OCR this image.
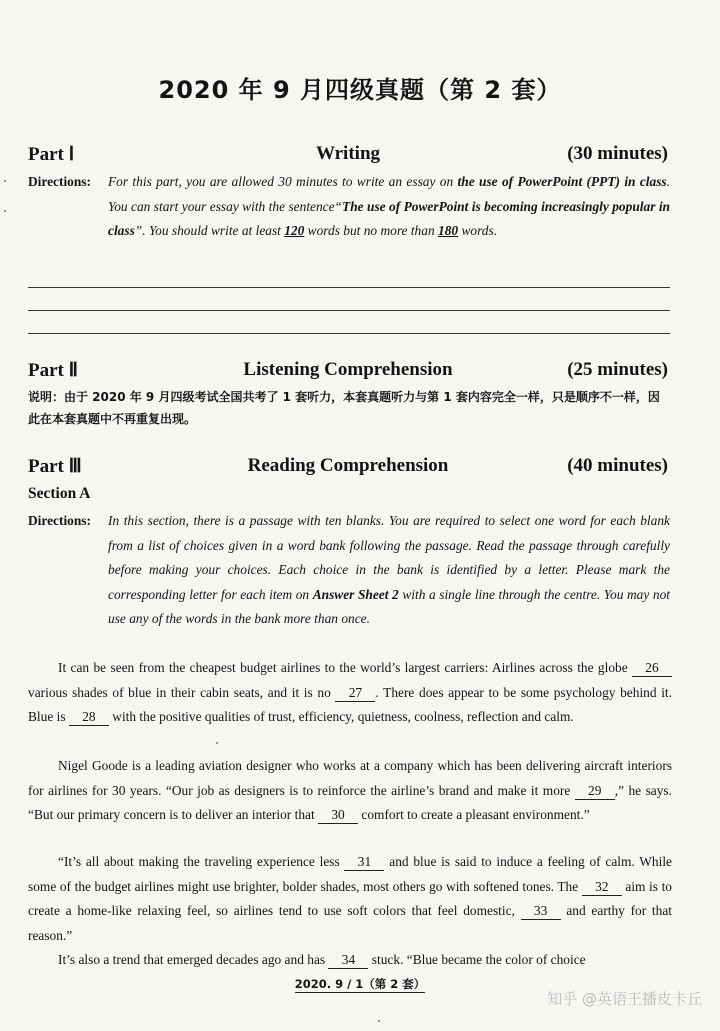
2020 年 9 月四级真题（第 2 套）
Part Ⅰ	Writing	(30 minutes)
Directions: For this part, you are allowed 30 minutes to write an essay on the use of PowerPoint (PPT) in class. You can start your essay with the sentence“The use of PowerPoint is becoming increasingly popular in class”. You should write at least 120 words but no more than 180 words.
Part Ⅱ	Listening Comprehension	(25 minutes)
说明：由于 2020 年 9 月四级考试全国共考了 1 套听力，本套真题听力与第 1 套内容完全一样，只是顺序不一样，因此在本套真题中不再重复出现。
Part Ⅲ	Reading Comprehension	(40 minutes)
Section A
Directions: In this section, there is a passage with ten blanks. You are required to select one word for each blank from a list of choices given in a word bank following the passage. Read the passage through carefully before making your choices. Each choice in the bank is identified by a letter. Please mark the corresponding letter for each item on Answer Sheet 2 with a single line through the centre. You may not use any of the words in the bank more than once.
It can be seen from the cheapest budget airlines to the world’s largest carriers: Airlines across the globe 26 various shades of blue in their cabin seats, and it is no 27 . There does appear to be some psychology behind it. Blue is 28 with the positive qualities of trust, efficiency, quietness, coolness, reflection and calm.
Nigel Goode is a leading aviation designer who works at a company which has been delivering aircraft interiors for airlines for 30 years. “Our job as designers is to reinforce the airline’s brand and make it more 29 ,” he says. “But our primary concern is to deliver an interior that 30 comfort to create a pleasant environment.”
“It’s all about making the traveling experience less 31 and blue is said to induce a feeling of calm. While some of the budget airlines might use brighter, bolder shades, most others go with softened tones. The 32 aim is to create a home-like relaxing feel, so airlines tend to use soft colors that feel domestic, 33 and earthy for that reason.”
It’s also a trend that emerged decades ago and has 34 stuck. “Blue became the color of choice
2020. 9 / 1（第 2 套）
知乎 @英语王播皮卡丘
